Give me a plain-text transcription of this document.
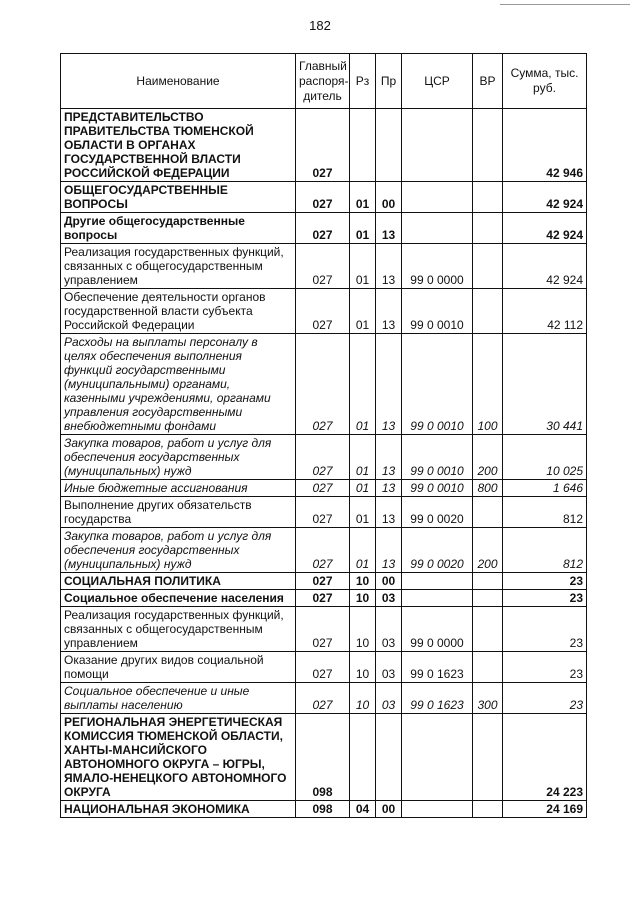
182
Наименование	Главный распоря-дитель	Рз	Пр	ЦСР	ВР	Сумма, тыс. руб.
ПРЕДСТАВИТЕЛЬСТВО ПРАВИТЕЛЬСТВА ТЮМЕНСКОЙ ОБЛАСТИ В ОРГАНАХ ГОСУДАРСТВЕННОЙ ВЛАСТИ РОССИЙСКОЙ ФЕДЕРАЦИИ	027					42 946
ОБЩЕГОСУДАРСТВЕННЫЕ ВОПРОСЫ	027	01	00			42 924
Другие общегосударственные вопросы	027	01	13			42 924
Реализация государственных функций, связанных с общегосударственным управлением	027	01	13	99 0 0000		42 924
Обеспечение деятельности органов государственной власти субъекта Российской Федерации	027	01	13	99 0 0010		42 112
Расходы на выплаты персоналу в целях обеспечения выполнения функций государственными (муниципальными) органами, казенными учреждениями, органами управления государственными внебюджетными фондами	027	01	13	99 0 0010	100	30 441
Закупка товаров, работ и услуг для обеспечения государственных (муниципальных) нужд	027	01	13	99 0 0010	200	10 025
Иные бюджетные ассигнования	027	01	13	99 0 0010	800	1 646
Выполнение других обязательств государства	027	01	13	99 0 0020		812
Закупка товаров, работ и услуг для обеспечения государственных (муниципальных) нужд	027	01	13	99 0 0020	200	812
СОЦИАЛЬНАЯ ПОЛИТИКА	027	10	00			23
Социальное обеспечение населения	027	10	03			23
Реализация государственных функций, связанных с общегосударственным управлением	027	10	03	99 0 0000		23
Оказание других видов социальной помощи	027	10	03	99 0 1623		23
Социальное обеспечение и иные выплаты населению	027	10	03	99 0 1623	300	23
РЕГИОНАЛЬНАЯ ЭНЕРГЕТИЧЕСКАЯ КОМИССИЯ ТЮМЕНСКОЙ ОБЛАСТИ, ХАНТЫ-МАНСИЙСКОГО АВТОНОМНОГО ОКРУГА – ЮГРЫ, ЯМАЛО-НЕНЕЦКОГО АВТОНОМНОГО ОКРУГА	098					24 223
НАЦИОНАЛЬНАЯ ЭКОНОМИКА	098	04	00			24 169
